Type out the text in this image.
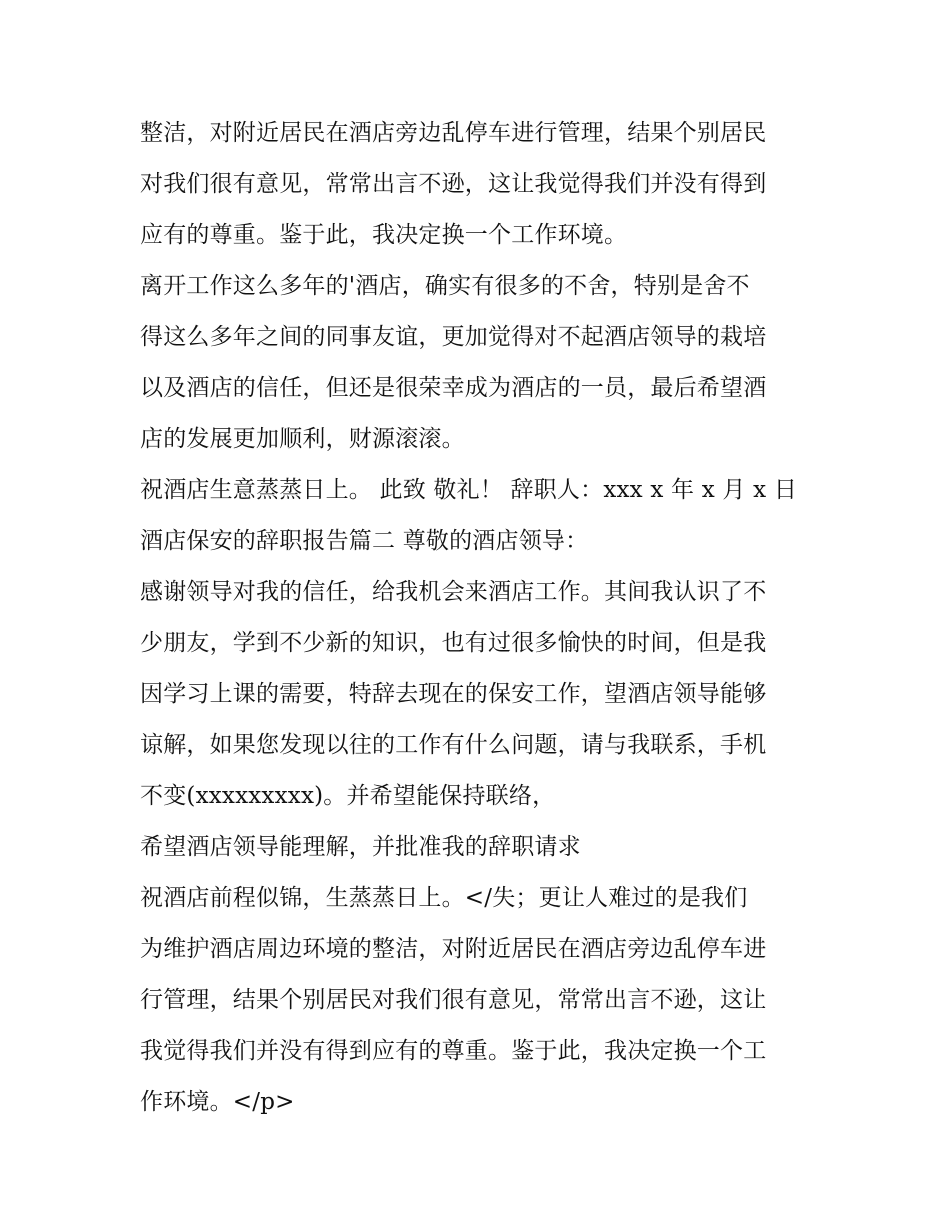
整洁，对附近居民在酒店旁边乱停车进行管理，结果个别居民
对我们很有意见，常常出言不逊，这让我觉得我们并没有得到
应有的尊重。鉴于此，我决定换一个工作环境。
离开工作这么多年的'酒店，确实有很多的不舍，特别是舍不
得这么多年之间的同事友谊，更加觉得对不起酒店领导的栽培
以及酒店的信任，但还是很荣幸成为酒店的一员，最后希望酒
店的发展更加顺利，财源滚滚。
祝酒店生意蒸蒸日上。 此致 敬礼！ 辞职人：xxx x 年 x 月 x 日
酒店保安的辞职报告篇二 尊敬的酒店领导：
感谢领导对我的信任，给我机会来酒店工作。其间我认识了不
少朋友，学到不少新的知识，也有过很多愉快的时间，但是我
因学习上课的需要，特辞去现在的保安工作，望酒店领导能够
谅解，如果您发现以往的工作有什么问题，请与我联系，手机
不变(xxxxxxxxx)。并希望能保持联络，
希望酒店领导能理解，并批准我的辞职请求
祝酒店前程似锦，生蒸蒸日上。</失；更让人难过的是我们
为维护酒店周边环境的整洁，对附近居民在酒店旁边乱停车进
行管理，结果个别居民对我们很有意见，常常出言不逊，这让
我觉得我们并没有得到应有的尊重。鉴于此，我决定换一个工
作环境。</p>
